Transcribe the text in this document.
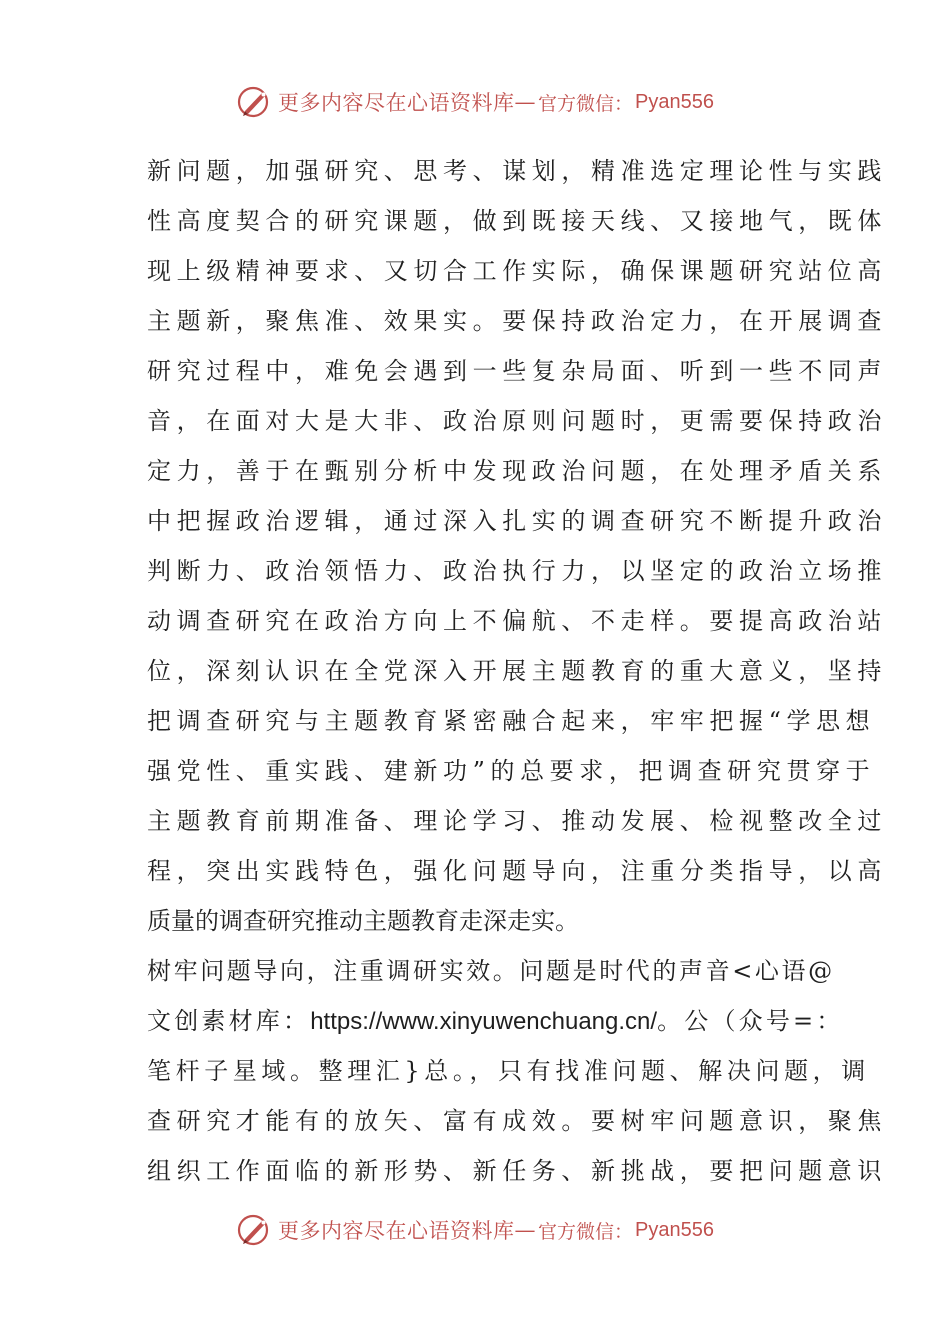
更多内容尽在心语资料库 — 官方微信： Pyan556
新问题，加强研究、思考、谋划，精准选定理论性与实践
性高度契合的研究课题，做到既接天线、又接地气，既体
现上级精神要求、又切合工作实际，确保课题研究站位高
主题新，聚焦准、效果实。要保持政治定力，在开展调查
研究过程中，难免会遇到一些复杂局面、听到一些不同声
音，在面对大是大非、政治原则问题时，更需要保持政治
定力，善于在甄别分析中发现政治问题，在处理矛盾关系
中把握政治逻辑，通过深入扎实的调查研究不断提升政治
判断力、政治领悟力、政治执行力，以坚定的政治立场推
动调查研究在政治方向上不偏航、不走样。要提高政治站
位，深刻认识在全党深入开展主题教育的重大意义，坚持
把调查研究与主题教育紧密融合起来，牢牢把握“学思想
强党性、重实践、建新功”的总要求，把调查研究贯穿于
主题教育前期准备、理论学习、推动发展、检视整改全过
程，突出实践特色，强化问题导向，注重分类指导，以高
质量的调查研究推动主题教育走深走实。
树牢问题导向，注重调研实效。问题是时代的声音<心语@
文创素材库：https://www.xinyuwenchuang.cn/。公（众号=：
笔杆子星域。整理汇}总。，只有找准问题、解决问题，调
查研究才能有的放矢、富有成效。要树牢问题意识，聚焦
组织工作面临的新形势、新任务、新挑战，要把问题意识
更多内容尽在心语资料库 — 官方微信： Pyan556
